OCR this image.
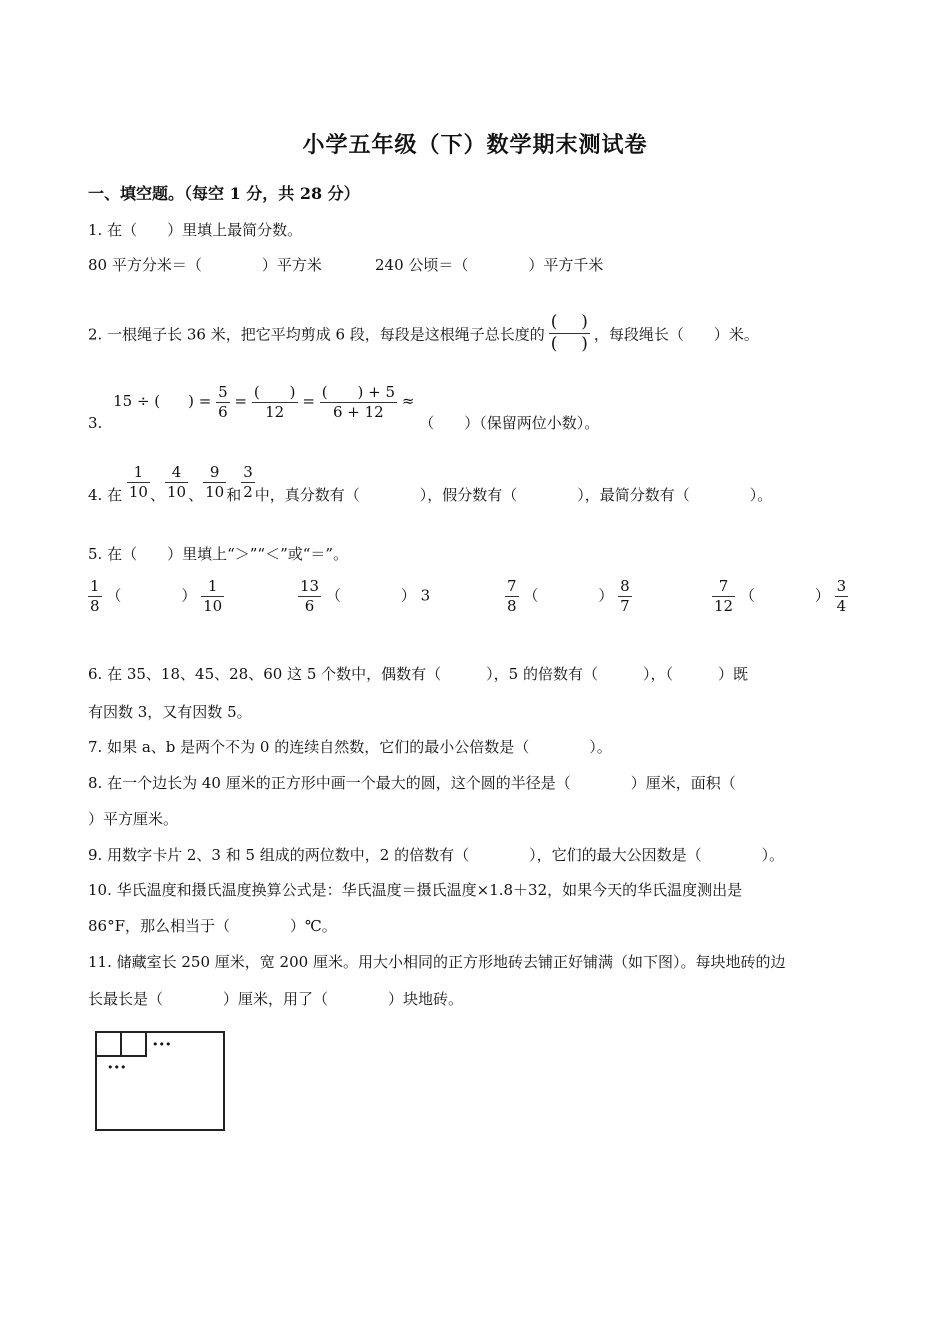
小学五年级（下）数学期末测试卷
一、填空题。（每空 1 分，共 28 分）
1. 在（　　）里填上最简分数。
80 平方分米＝（　　　　）平方米	240 公顷＝（　　　　）平方千米
2. 一根绳子长 36 米，把它平均剪成 6 段，每段是这根绳子总长度的 $\frac{( )}{( )}$ ，每段绳长（　　）米。
3. 15 ÷ ( ) = $\frac{5}{6} = \frac{( )}{12} = \frac{( ) + 5}{6 + 12}$ ≈ （　　）（保留两位小数）。
4. 在 $\frac{1}{10}$ 、 $\frac{4}{10}$ 、 $\frac{9}{10}$ 和 $\frac{3}{2}$ 中，真分数有（　　　　），假分数有（　　　　），最简分数有（　　　　）。
5. 在（　　）里填上“＞”“＜”或“＝”。
$\frac{1}{8}$ （　　　　） $\frac{1}{10}$	$\frac{13}{6}$ （　　　　） 3	$\frac{7}{8}$ （　　　　） $\frac{8}{7}$	$\frac{7}{12}$ （　　　　） $\frac{3}{4}$
6. 在 35、18、45、28、60 这 5 个数中，偶数有（　　　），5 的倍数有（　　　），（　　　）既
有因数 3，又有因数 5。
7. 如果 a、b 是两个不为 0 的连续自然数，它们的最小公倍数是（　　　　）。
8. 在一个边长为 40 厘米的正方形中画一个最大的圆，这个圆的半径是（　　　　）厘米，面积（
）平方厘米。
9. 用数字卡片 2、3 和 5 组成的两位数中，2 的倍数有（　　　　），它们的最大公因数是（　　　　）。
10. 华氏温度和摄氏温度换算公式是：华氏温度＝摄氏温度×1.8＋32，如果今天的华氏温度测出是
86°F，那么相当于（　　　　）℃。
11. 储藏室长 250 厘米，宽 200 厘米。用大小相同的正方形地砖去铺正好铺满（如下图）。每块地砖的边
长最长是（　　　　）厘米，用了（　　　　）块地砖。
•••
•••
